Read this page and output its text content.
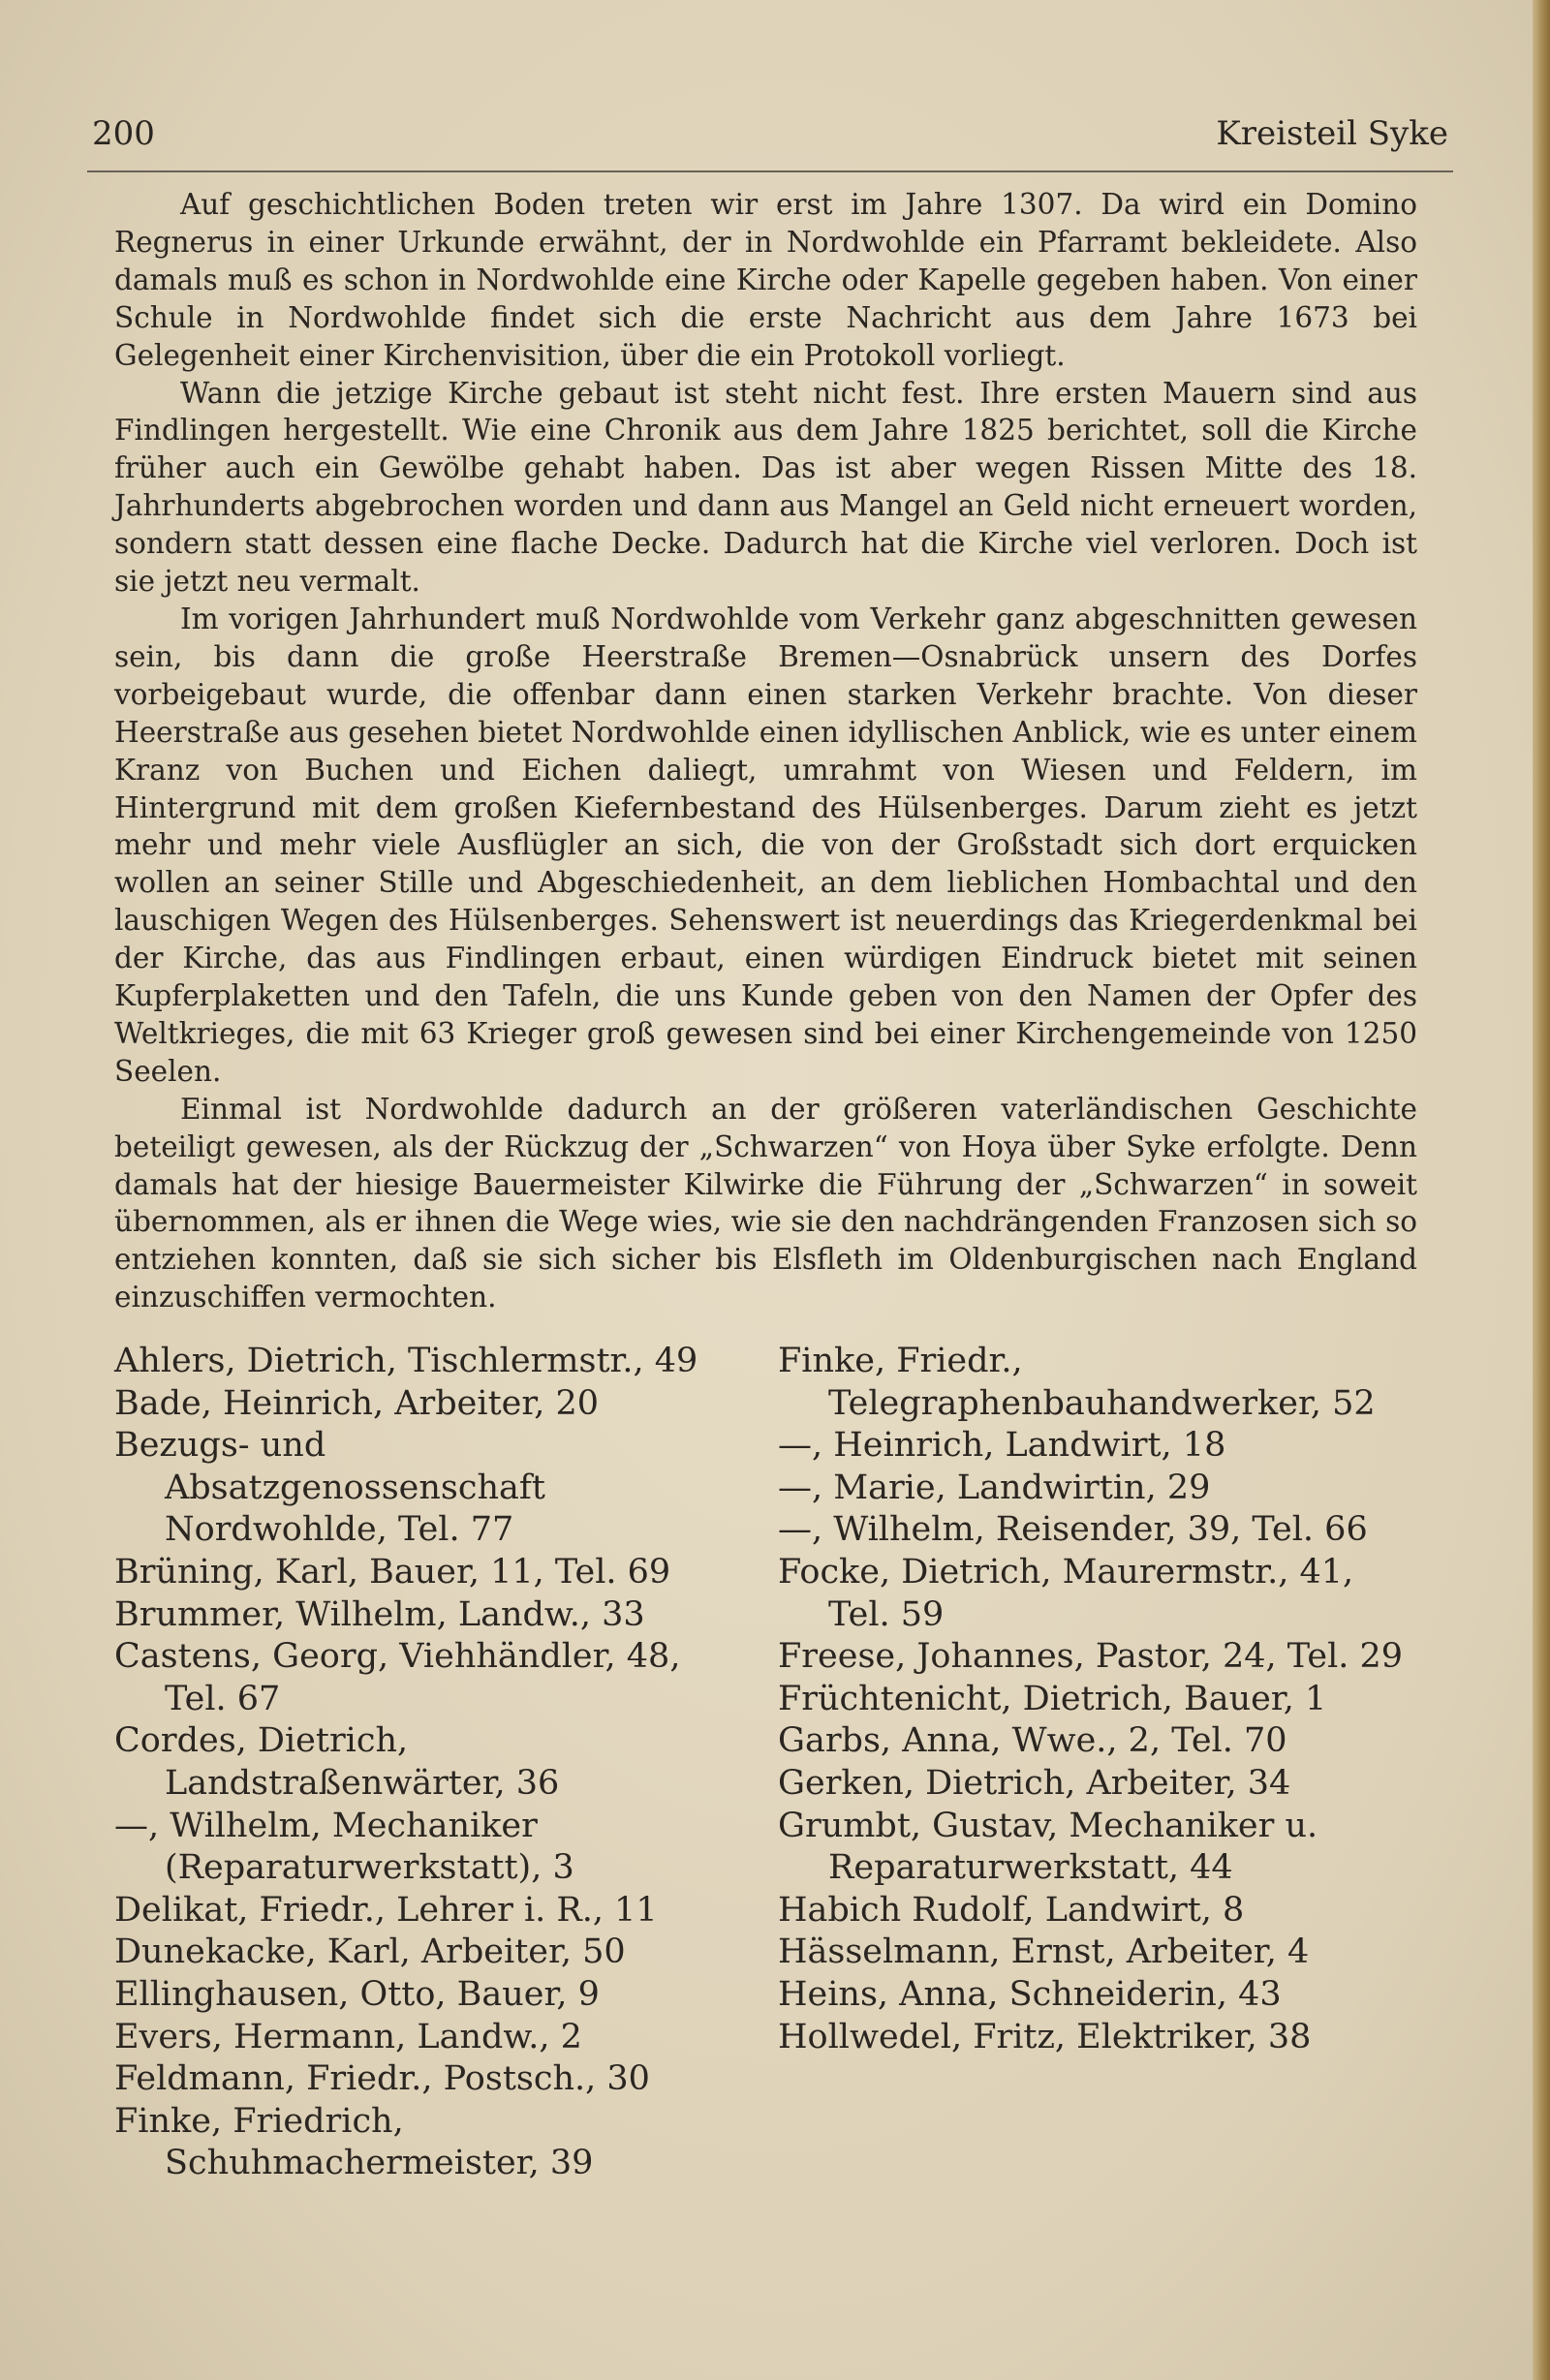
200	Kreisteil Syke

Auf geschichtlichen Boden treten wir erst im Jahre 1307. Da wird ein Domino Regnerus in einer Urkunde erwähnt, der in Nordwohlde ein Pfarramt bekleidete. Also damals muß es schon in Nordwohlde eine Kirche oder Kapelle gegeben haben. Von einer Schule in Nordwohlde findet sich die erste Nachricht aus dem Jahre 1673 bei Gelegenheit einer Kirchenvisition, über die ein Protokoll vorliegt.

Wann die jetzige Kirche gebaut ist steht nicht fest. Ihre ersten Mauern sind aus Findlingen hergestellt. Wie eine Chronik aus dem Jahre 1825 berichtet, soll die Kirche früher auch ein Gewölbe gehabt haben. Das ist aber wegen Rissen Mitte des 18. Jahrhunderts abgebrochen worden und dann aus Mangel an Geld nicht erneuert worden, sondern statt dessen eine flache Decke. Dadurch hat die Kirche viel verloren. Doch ist sie jetzt neu vermalt.

Im vorigen Jahrhundert muß Nordwohlde vom Verkehr ganz abgeschnitten gewesen sein, bis dann die große Heerstraße Bremen—Osnabrück unsern des Dorfes vorbeigebaut wurde, die offenbar dann einen starken Verkehr brachte. Von dieser Heerstraße aus gesehen bietet Nordwohlde einen idyllischen Anblick, wie es unter einem Kranz von Buchen und Eichen daliegt, umrahmt von Wiesen und Feldern, im Hintergrund mit dem großen Kiefernbestand des Hülsenberges. Darum zieht es jetzt mehr und mehr viele Ausflügler an sich, die von der Großstadt sich dort erquicken wollen an seiner Stille und Abgeschiedenheit, an dem lieblichen Hombachtal und den lauschigen Wegen des Hülsenberges. Sehenswert ist neuerdings das Kriegerdenkmal bei der Kirche, das aus Findlingen erbaut, einen würdigen Eindruck bietet mit seinen Kupferplaketten und den Tafeln, die uns Kunde geben von den Namen der Opfer des Weltkrieges, die mit 63 Krieger groß gewesen sind bei einer Kirchengemeinde von 1250 Seelen.

Einmal ist Nordwohlde dadurch an der größeren vaterländischen Geschichte beteiligt gewesen, als der Rückzug der „Schwarzen“ von Hoya über Syke erfolgte. Denn damals hat der hiesige Bauermeister Kilwirke die Führung der „Schwarzen“ in soweit übernommen, als er ihnen die Wege wies, wie sie den nachdrängenden Franzosen sich so entziehen konnten, daß sie sich sicher bis Elsfleth im Oldenburgischen nach England einzuschiffen vermochten.

Ahlers, Dietrich, Tischlermstr., 49
Bade, Heinrich, Arbeiter, 20
Bezugs- und Absatzgenossenschaft Nordwohlde, Tel. 77
Brüning, Karl, Bauer, 11, Tel. 69
Brummer, Wilhelm, Landw., 33
Castens, Georg, Viehhändler, 48, Tel. 67
Cordes, Dietrich, Landstraßenwärter, 36
—, Wilhelm, Mechaniker (Reparaturwerkstatt), 3
Delikat, Friedr., Lehrer i. R., 11
Dunekacke, Karl, Arbeiter, 50
Ellinghausen, Otto, Bauer, 9
Evers, Hermann, Landw., 2
Feldmann, Friedr., Postsch., 30
Finke, Friedrich, Schuhmachermeister, 39
Finke, Friedr., Telegraphenbauhandwerker, 52
—, Heinrich, Landwirt, 18
—, Marie, Landwirtin, 29
—, Wilhelm, Reisender, 39, Tel. 66
Focke, Dietrich, Maurermstr., 41, Tel. 59
Freese, Johannes, Pastor, 24, Tel. 29
Früchtenicht, Dietrich, Bauer, 1
Garbs, Anna, Wwe., 2, Tel. 70
Gerken, Dietrich, Arbeiter, 34
Grumbt, Gustav, Mechaniker u. Reparaturwerkstatt, 44
Habich Rudolf, Landwirt, 8
Hässelmann, Ernst, Arbeiter, 4
Heins, Anna, Schneiderin, 43
Hollwedel, Fritz, Elektriker, 38
